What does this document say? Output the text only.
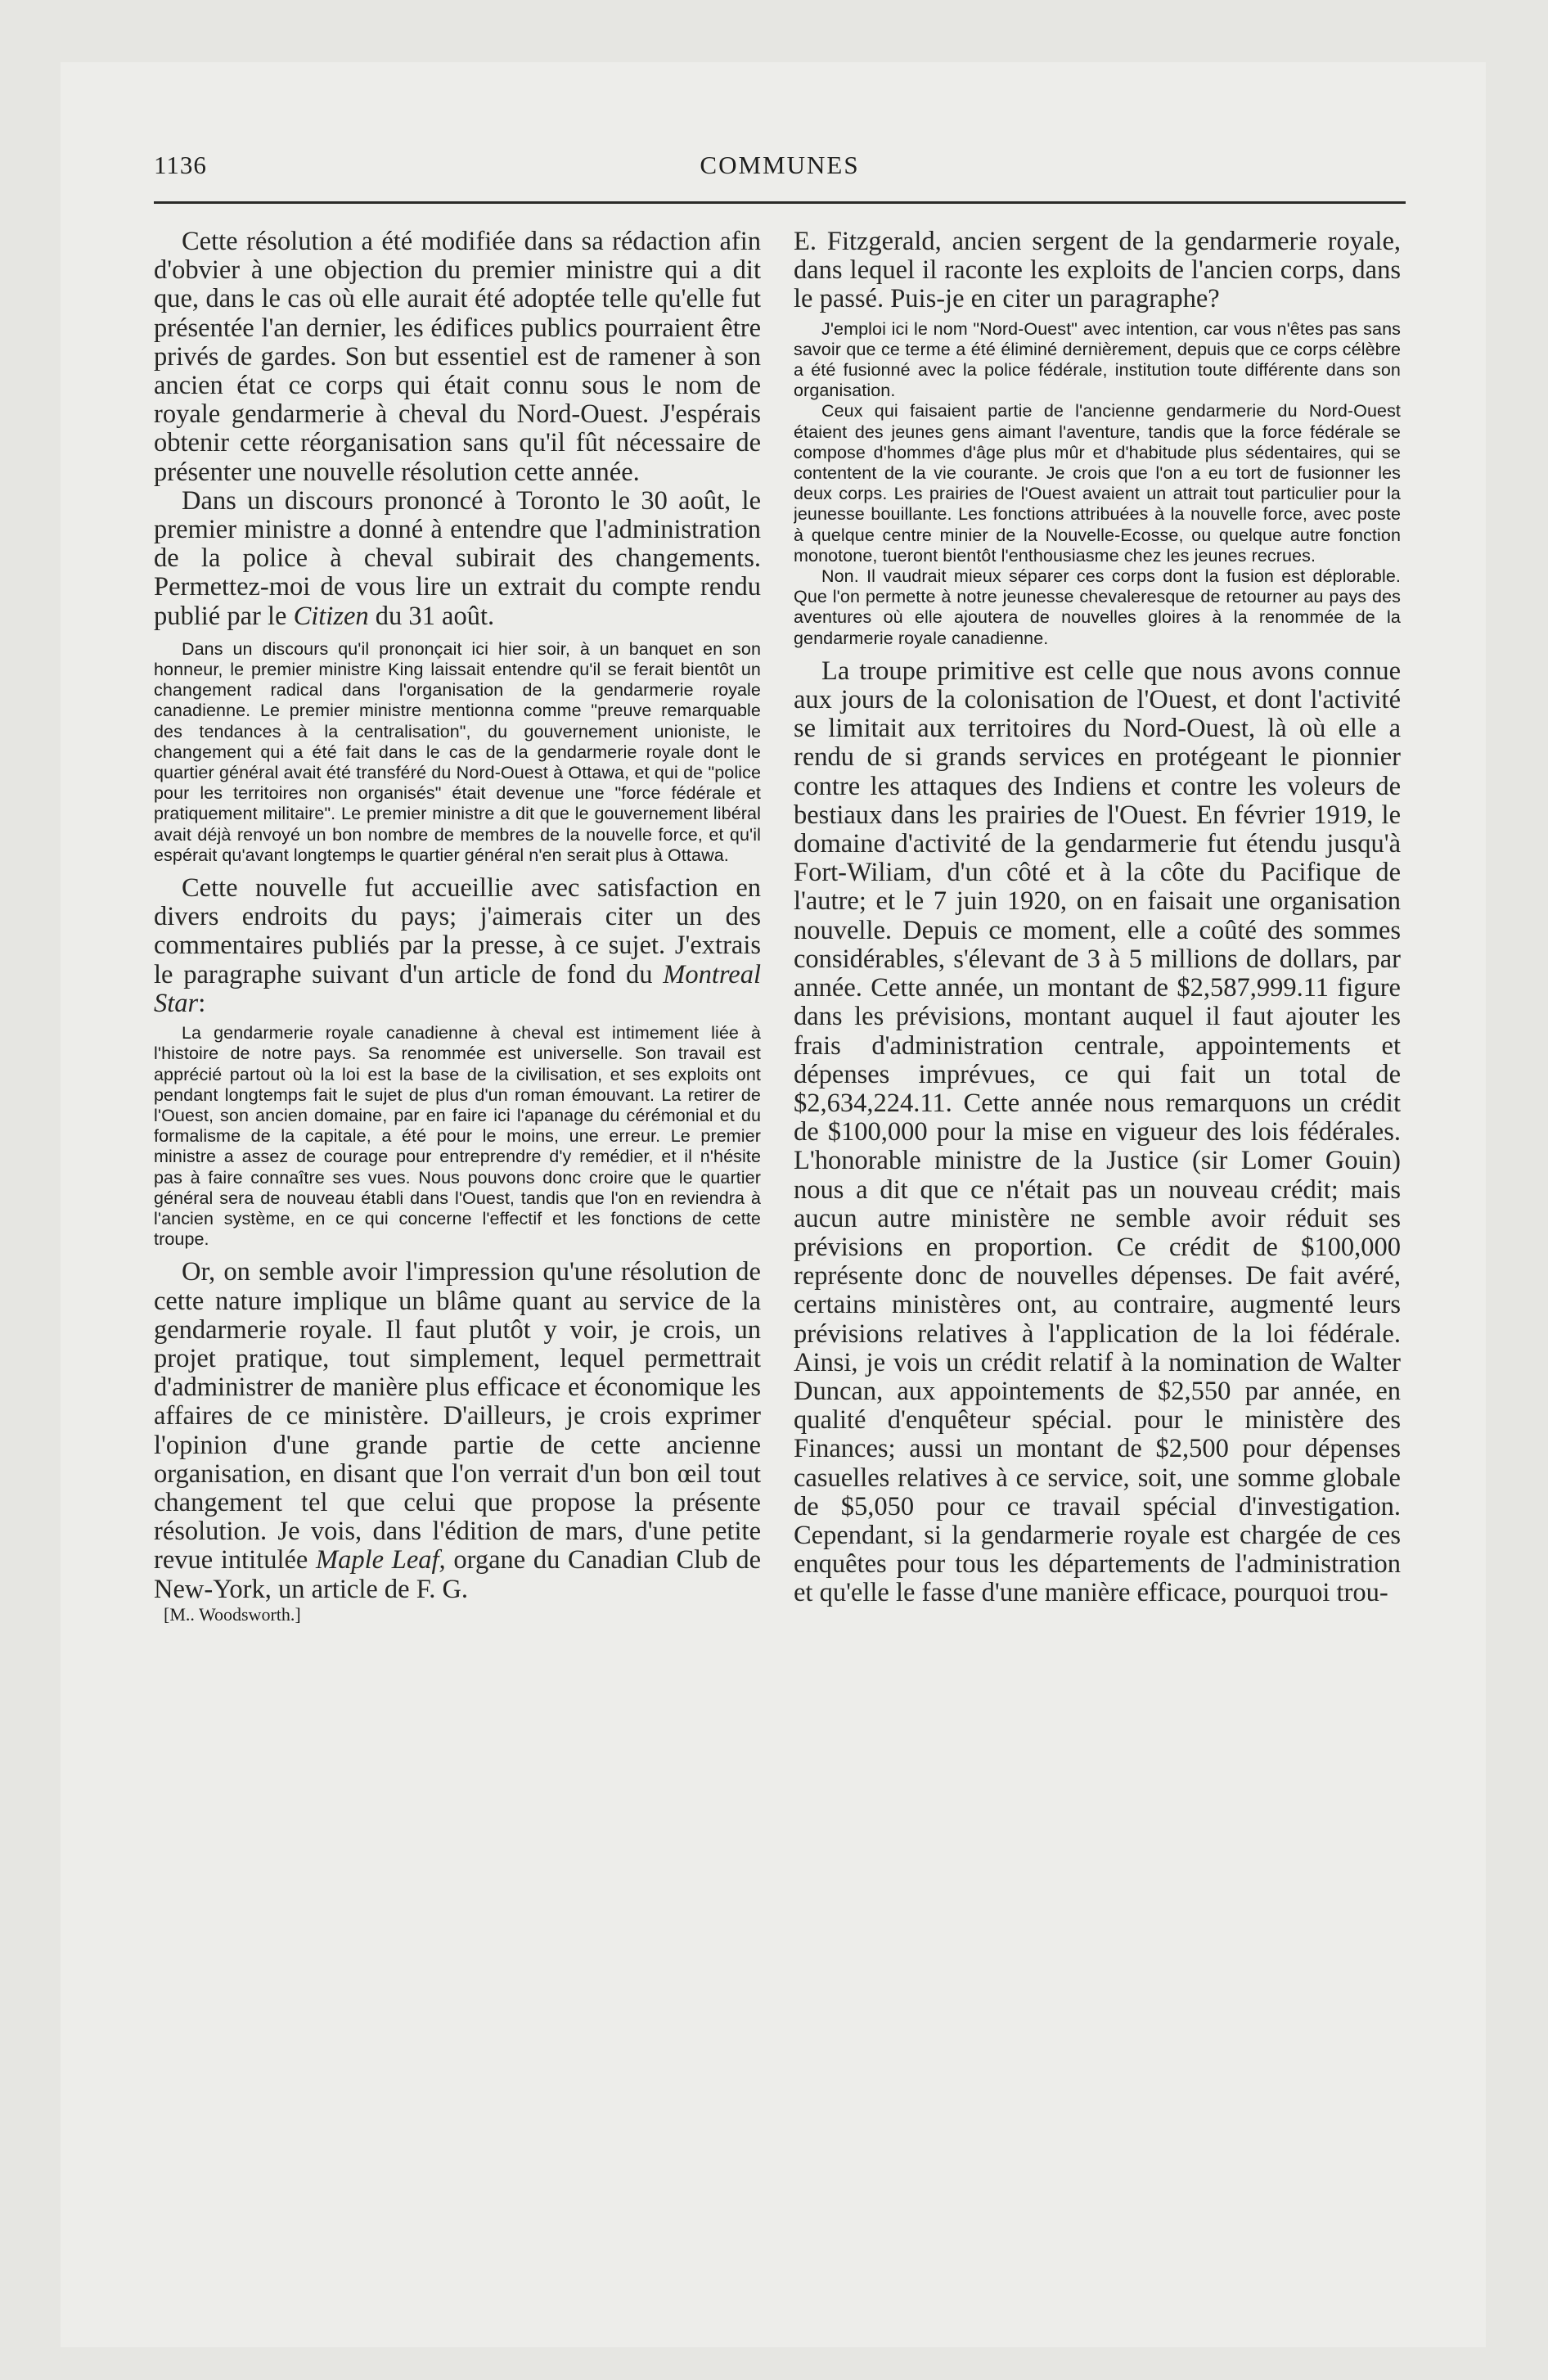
1136	COMMUNES

Cette résolution a été modifiée dans sa rédaction afin d'obvier à une objection du premier ministre qui a dit que, dans le cas où elle aurait été adoptée telle qu'elle fut présentée l'an dernier, les édifices publics pourraient être privés de gardes. Son but essentiel est de ramener à son ancien état ce corps qui était connu sous le nom de royale gendarmerie à cheval du Nord-Ouest. J'espérais obtenir cette réorganisation sans qu'il fût nécessaire de présenter une nouvelle résolution cette année.

Dans un discours prononcé à Toronto le 30 août, le premier ministre a donné à entendre que l'administration de la police à cheval subirait des changements. Permettez-moi de vous lire un extrait du compte rendu publié par le Citizen du 31 août.

Dans un discours qu'il prononçait ici hier soir, à un banquet en son honneur, le premier ministre King laissait entendre qu'il se ferait bientôt un changement radical dans l'organisation de la gendarmerie royale canadienne. Le premier ministre mentionna comme "preuve remarquable des tendances à la centralisation", du gouvernement unioniste, le changement qui a été fait dans le cas de la gendarmerie royale dont le quartier général avait été transféré du Nord-Ouest à Ottawa, et qui de "police pour les territoires non organisés" était devenue une "force fédérale et pratiquement militaire". Le premier ministre a dit que le gouvernement libéral avait déjà renvoyé un bon nombre de membres de la nouvelle force, et qu'il espérait qu'avant longtemps le quartier général n'en serait plus à Ottawa.

Cette nouvelle fut accueillie avec satisfaction en divers endroits du pays; j'aimerais citer un des commentaires publiés par la presse, à ce sujet. J'extrais le paragraphe suivant d'un article de fond du Montreal Star:

La gendarmerie royale canadienne à cheval est intimement liée à l'histoire de notre pays. Sa renommée est universelle. Son travail est apprécié partout où la loi est la base de la civilisation, et ses exploits ont pendant longtemps fait le sujet de plus d'un roman émouvant. La retirer de l'Ouest, son ancien domaine, par en faire ici l'apanage du cérémonial et du formalisme de la capitale, a été pour le moins, une erreur. Le premier ministre a assez de courage pour entreprendre d'y remédier, et il n'hésite pas à faire connaître ses vues. Nous pouvons donc croire que le quartier général sera de nouveau établi dans l'Ouest, tandis que l'on en reviendra à l'ancien système, en ce qui concerne l'effectif et les fonctions de cette troupe.

Or, on semble avoir l'impression qu'une résolution de cette nature implique un blâme quant au service de la gendarmerie royale. Il faut plutôt y voir, je crois, un projet pratique, tout simplement, lequel permettrait d'administrer de manière plus efficace et économique les affaires de ce ministère. D'ailleurs, je crois exprimer l'opinion d'une grande partie de cette ancienne organisation, en disant que l'on verrait d'un bon œil tout changement tel que celui que propose la présente résolution. Je vois, dans l'édition de mars, d'une petite revue intitulée Maple Leaf, organe du Canadian Club de New-York, un article de F. G.

[M.. Woodsworth.]

E. Fitzgerald, ancien sergent de la gendarmerie royale, dans lequel il raconte les exploits de l'ancien corps, dans le passé. Puis-je en citer un paragraphe?

J'emploi ici le nom "Nord-Ouest" avec intention, car vous n'êtes pas sans savoir que ce terme a été éliminé dernièrement, depuis que ce corps célèbre a été fusionné avec la police fédérale, institution toute différente dans son organisation.

Ceux qui faisaient partie de l'ancienne gendarmerie du Nord-Ouest étaient des jeunes gens aimant l'aventure, tandis que la force fédérale se compose d'hommes d'âge plus mûr et d'habitude plus sédentaires, qui se contentent de la vie courante. Je crois que l'on a eu tort de fusionner les deux corps. Les prairies de l'Ouest avaient un attrait tout particulier pour la jeunesse bouillante. Les fonctions attribuées à la nouvelle force, avec poste à quelque centre minier de la Nouvelle-Ecosse, ou quelque autre fonction monotone, tueront bientôt l'enthousiasme chez les jeunes recrues.

Non. Il vaudrait mieux séparer ces corps dont la fusion est déplorable. Que l'on permette à notre jeunesse chevaleresque de retourner au pays des aventures où elle ajoutera de nouvelles gloires à la renommée de la gendarmerie royale canadienne.

La troupe primitive est celle que nous avons connue aux jours de la colonisation de l'Ouest, et dont l'activité se limitait aux territoires du Nord-Ouest, là où elle a rendu de si grands services en protégeant le pionnier contre les attaques des Indiens et contre les voleurs de bestiaux dans les prairies de l'Ouest. En février 1919, le domaine d'activité de la gendarmerie fut étendu jusqu'à Fort-Wiliam, d'un côté et à la côte du Pacifique de l'autre; et le 7 juin 1920, on en faisait une organisation nouvelle. Depuis ce moment, elle a coûté des sommes considérables, s'élevant de 3 à 5 millions de dollars, par année. Cette année, un montant de $2,587,999.11 figure dans les prévisions, montant auquel il faut ajouter les frais d'administration centrale, appointements et dépenses imprévues, ce qui fait un total de $2,634,224.11. Cette année nous remarquons un crédit de $100,000 pour la mise en vigueur des lois fédérales. L'honorable ministre de la Justice (sir Lomer Gouin) nous a dit que ce n'était pas un nouveau crédit; mais aucun autre ministère ne semble avoir réduit ses prévisions en proportion. Ce crédit de $100,000 représente donc de nouvelles dépenses. De fait avéré, certains ministères ont, au contraire, augmenté leurs prévisions relatives à l'application de la loi fédérale. Ainsi, je vois un crédit relatif à la nomination de Walter Duncan, aux appointements de $2,550 par année, en qualité d'enquêteur spécial. pour le ministère des Finances; aussi un montant de $2,500 pour dépenses casuelles relatives à ce service, soit, une somme globale de $5,050 pour ce travail spécial d'investigation. Cependant, si la gendarmerie royale est chargée de ces enquêtes pour tous les départements de l'administration et qu'elle le fasse d'une manière efficace, pourquoi trou-
